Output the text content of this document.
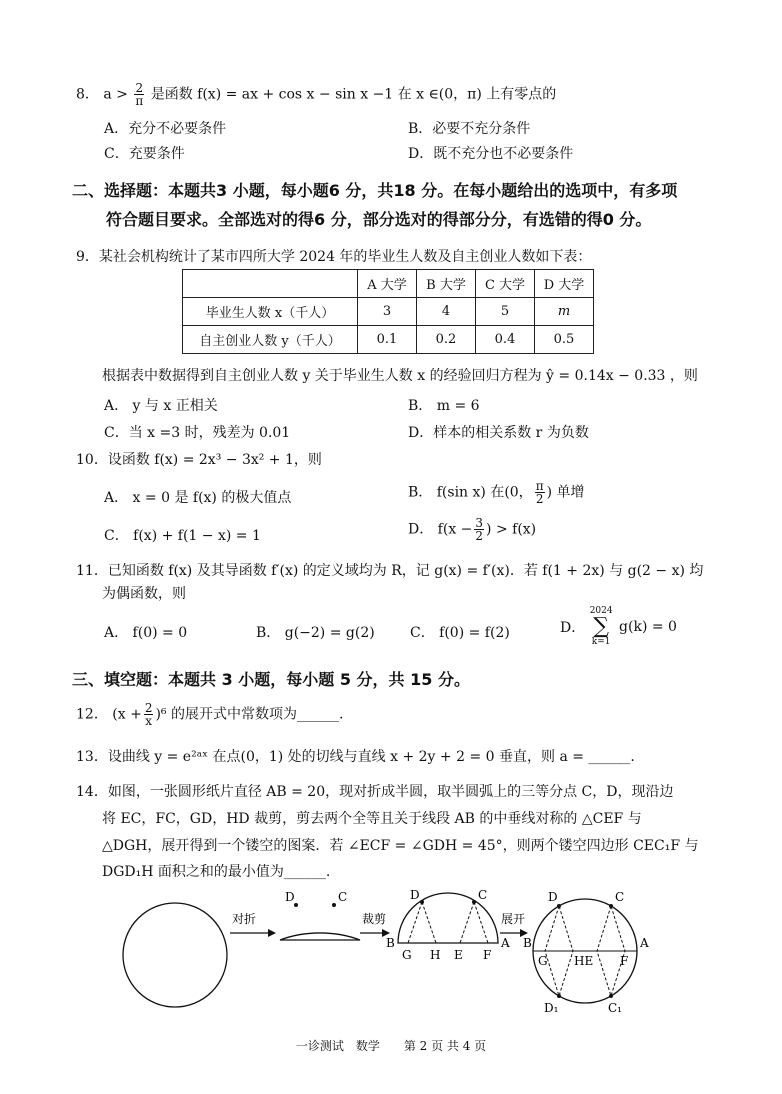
8． $a > \frac{2}{\pi}$ 是函数 f(x) = ax + cos x − sin x −1 在 x ∈(0，π) 上有零点的
A．充分不必要条件	B．必要不充分条件
C．充要条件	D．既不充分也不必要条件
二、选择题：本题共3 小题，每小题6 分，共18 分。在每小题给出的选项中，有多项
符合题目要求。全部选对的得6 分，部分选对的得部分分，有选错的得0 分。
9．某社会机构统计了某市四所大学 2024 年的毕业生人数及自主创业人数如下表：
	A 大学	B 大学	C 大学	D 大学
毕业生人数 x（千人）	3	4	5	m
自主创业人数 y（千人）	0.1	0.2	0.4	0.5
根据表中数据得到自主创业人数 y 关于毕业生人数 x 的经验回归方程为 ŷ = 0.14x − 0.33 ，则
A． y 与 x 正相关	B． m = 6
C．当 x =3 时，残差为 0.01	D．样本的相关系数 r 为负数
10．设函数 f(x) = 2x³ − 3x² + 1，则
A． x = 0 是 f(x) 的极大值点	B． f(sin x) 在(0， $\frac{\pi}{2}$ ) 单增
C． f(x) + f(1 − x) = 1	D． $f(x - \frac{3}{2}$ ) > f(x)
11．已知函数 f(x) 及其导函数 f′(x) 的定义域均为 R，记 g(x) = f′(x)．若 f(1 + 2x) 与 g(2 − x) 均
为偶函数，则
A． f(0) = 0	B． g(−2) = g(2)	C． f(0) = f(2)	D． 2024
∑
k=1 g(k) = 0
三、填空题：本题共 3 小题，每小题 5 分，共 15 分。
12． $(x + \frac{2}{x} )^6$ 的展开式中常数项为______.
13．设曲线 y = e²ᵃˣ 在点(0，1) 处的切线与直线 x + 2y + 2 = 0 垂直，则 a = ______.
14．如图，一张圆形纸片直径 AB = 20，现对折成半圆，取半圆弧上的三等分点 C，D，现沿边
将 EC，FC，GD，HD 裁剪，剪去两个全等且关于线段 AB 的中垂线对称的 △CEF 与
△DGH，展开得到一个镂空的图案．若 ∠ECF = ∠GDH = 45°，则两个镂空四边形 CEC₁F 与
DGD₁H 面积之和的最小值为______.
对折
D	C
裁剪
D	C
B	A
G H E F
展开
D	C
B	A
G HE F
D₁	C₁
一诊测试　数学　　第 2 页 共 4 页
